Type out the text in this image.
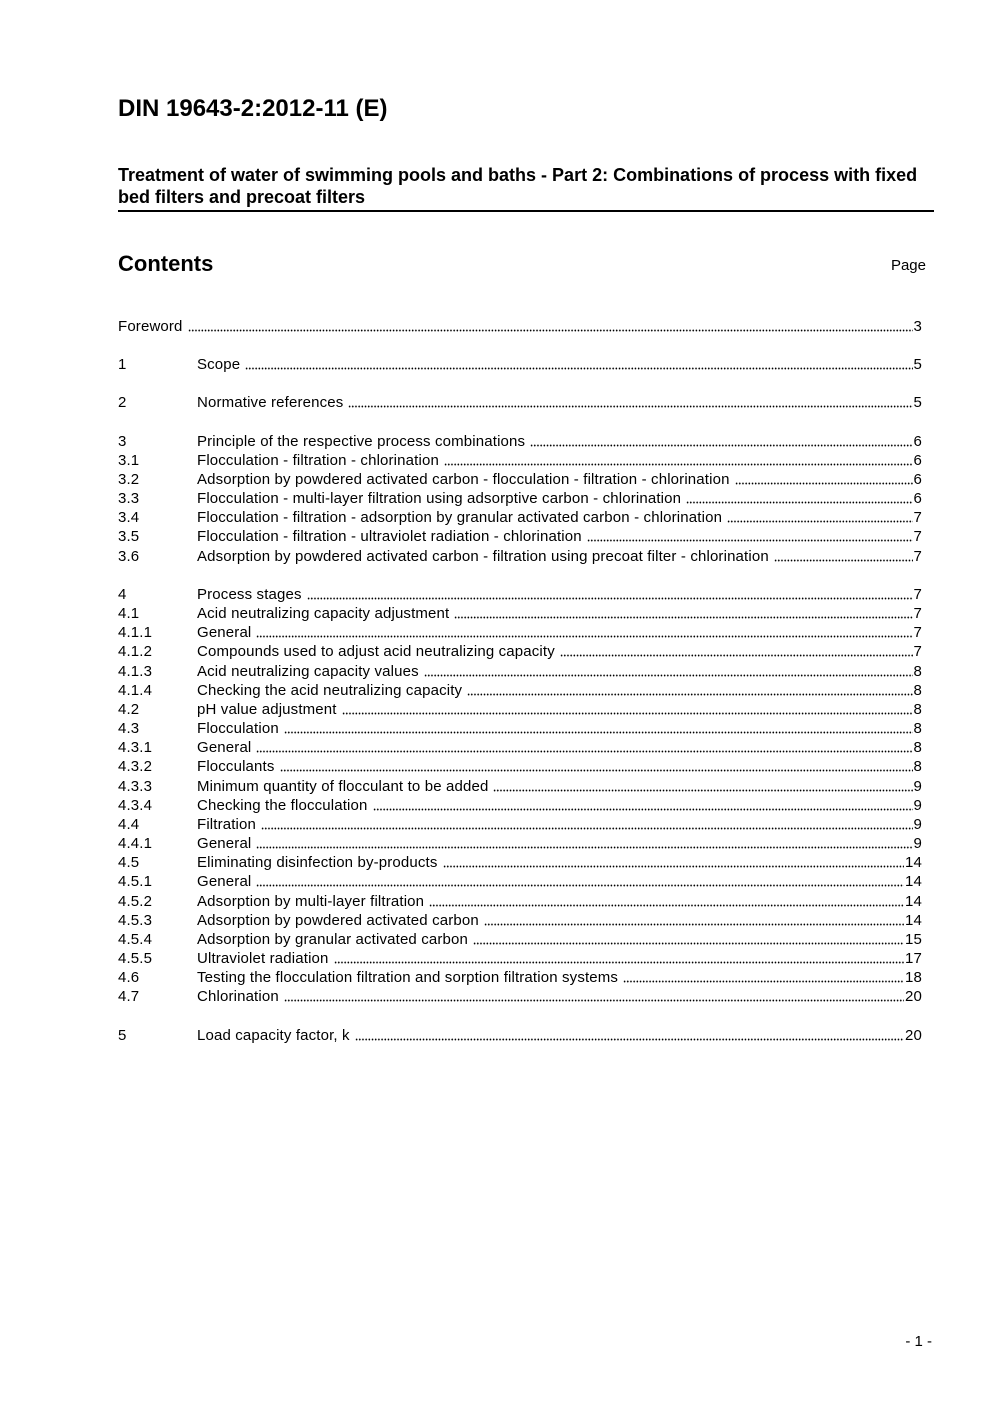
DIN 19643-2:2012-11 (E)
Treatment of water of swimming pools and baths - Part 2: Combinations of process with fixed bed filters and precoat filters
Contents	Page
Foreword	3
1	Scope	5
2	Normative references	5
3	Principle of the respective process combinations	6
3.1	Flocculation - filtration - chlorination	6
3.2	Adsorption by powdered activated carbon - flocculation - filtration - chlorination	6
3.3	Flocculation - multi-layer filtration using adsorptive carbon - chlorination	6
3.4	Flocculation - filtration - adsorption by granular activated carbon - chlorination	7
3.5	Flocculation - filtration - ultraviolet radiation - chlorination	7
3.6	Adsorption by powdered activated carbon - filtration using precoat filter - chlorination	7
4	Process stages	7
4.1	Acid neutralizing capacity adjustment	7
4.1.1	General	7
4.1.2	Compounds used to adjust acid neutralizing capacity	7
4.1.3	Acid neutralizing capacity values	8
4.1.4	Checking the acid neutralizing capacity	8
4.2	pH value adjustment	8
4.3	Flocculation	8
4.3.1	General	8
4.3.2	Flocculants	8
4.3.3	Minimum quantity of flocculant to be added	9
4.3.4	Checking the flocculation	9
4.4	Filtration	9
4.4.1	General	9
4.5	Eliminating disinfection by-products	14
4.5.1	General	14
4.5.2	Adsorption by multi-layer filtration	14
4.5.3	Adsorption by powdered activated carbon	14
4.5.4	Adsorption by granular activated carbon	15
4.5.5	Ultraviolet radiation	17
4.6	Testing the flocculation filtration and sorption filtration systems	18
4.7	Chlorination	20
5	Load capacity factor, k	20
- 1 -
